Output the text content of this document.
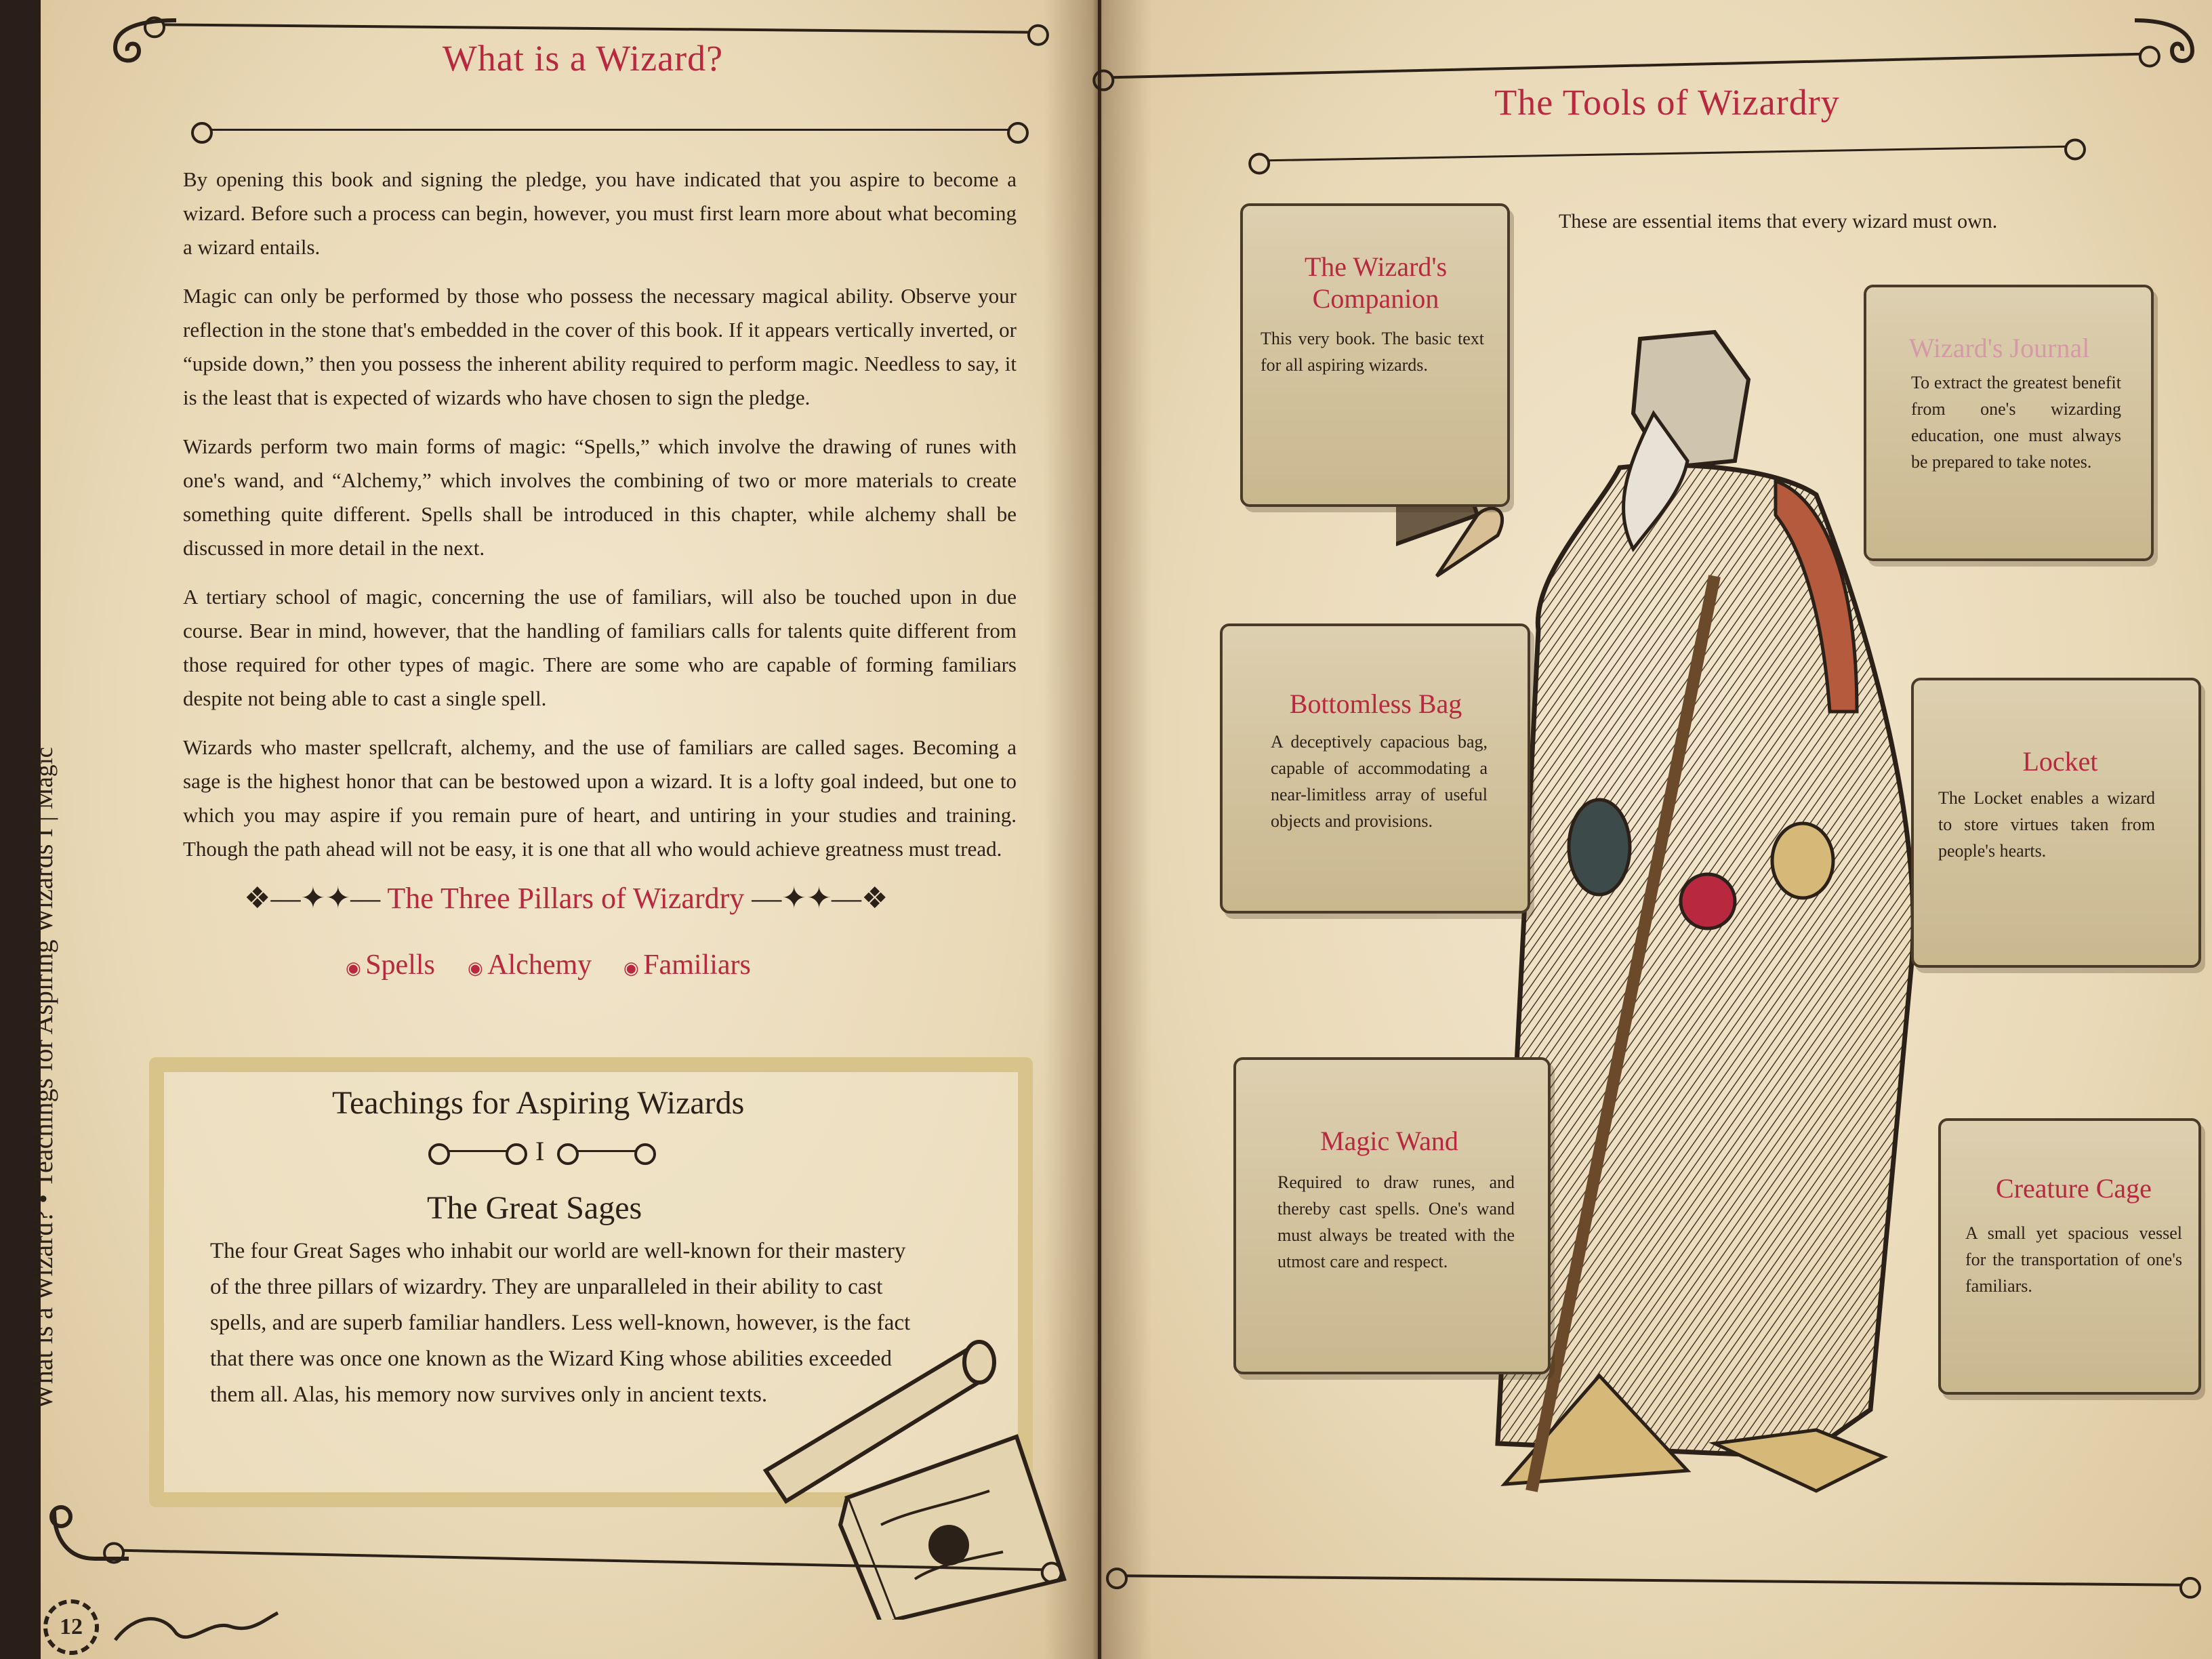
What is a Wizard?

By opening this book and signing the pledge, you have indicated that you aspire to become a wizard. Before such a process can begin, however, you must first learn more about what becoming a wizard entails.

Magic can only be performed by those who possess the necessary magical ability. Observe your reflection in the stone that's embedded in the cover of this book. If it appears vertically inverted, or “upside down,” then you possess the inherent ability required to perform magic. Needless to say, it is the least that is expected of wizards who have chosen to sign the pledge.

Wizards perform two main forms of magic: “Spells,” which involve the drawing of runes with one's wand, and “Alchemy,” which involves the combining of two or more materials to create something quite different. Spells shall be introduced in this chapter, while alchemy shall be discussed in more detail in the next.

A tertiary school of magic, concerning the use of familiars, will also be touched upon in due course. Bear in mind, however, that the handling of familiars calls for talents quite different from those required for other types of magic. There are some who are capable of forming familiars despite not being able to cast a single spell.

Wizards who master spellcraft, alchemy, and the use of familiars are called sages. Becoming a sage is the highest honor that can be bestowed upon a wizard. It is a lofty goal indeed, but one to which you may aspire if you remain pure of heart, and untiring in your studies and training. Though the path ahead will not be easy, it is one that all who would achieve greatness must tread.

❖—✦✦— The Three Pillars of Wizardry —✦✦—❖
◉ Spells ◉ Alchemy ◉ Familiars
Teachings for Aspiring Wizards
I
The Great Sages
The four Great Sages who inhabit our world are well-known for their mastery of the three pillars of wizardry. They are unparalleled in their ability to cast spells, and are superb familiar handlers. Less well-known, however, is the fact that there was once one known as the Wizard King whose abilities exceeded them all. Alas, his memory now survives only in ancient texts.
What is a Wizard? • Teachings for Aspiring Wizards I | Magic
12
The Tools of Wizardry
These are essential items that every wizard must own.
The Wizard's Companion
This very book. The basic text for all aspiring wizards.
Wizard's Journal
To extract the greatest benefit from one's wizarding education, one must always be prepared to take notes.
Bottomless Bag
A deceptively capacious bag, capable of accommodating a near-limitless array of useful objects and provisions.
Locket
The Locket enables a wizard to store virtues taken from people's hearts.
Magic Wand
Required to draw runes, and thereby cast spells. One's wand must always be treated with the utmost care and respect.
Creature Cage
A small yet spacious vessel for the transportation of one's familiars.
